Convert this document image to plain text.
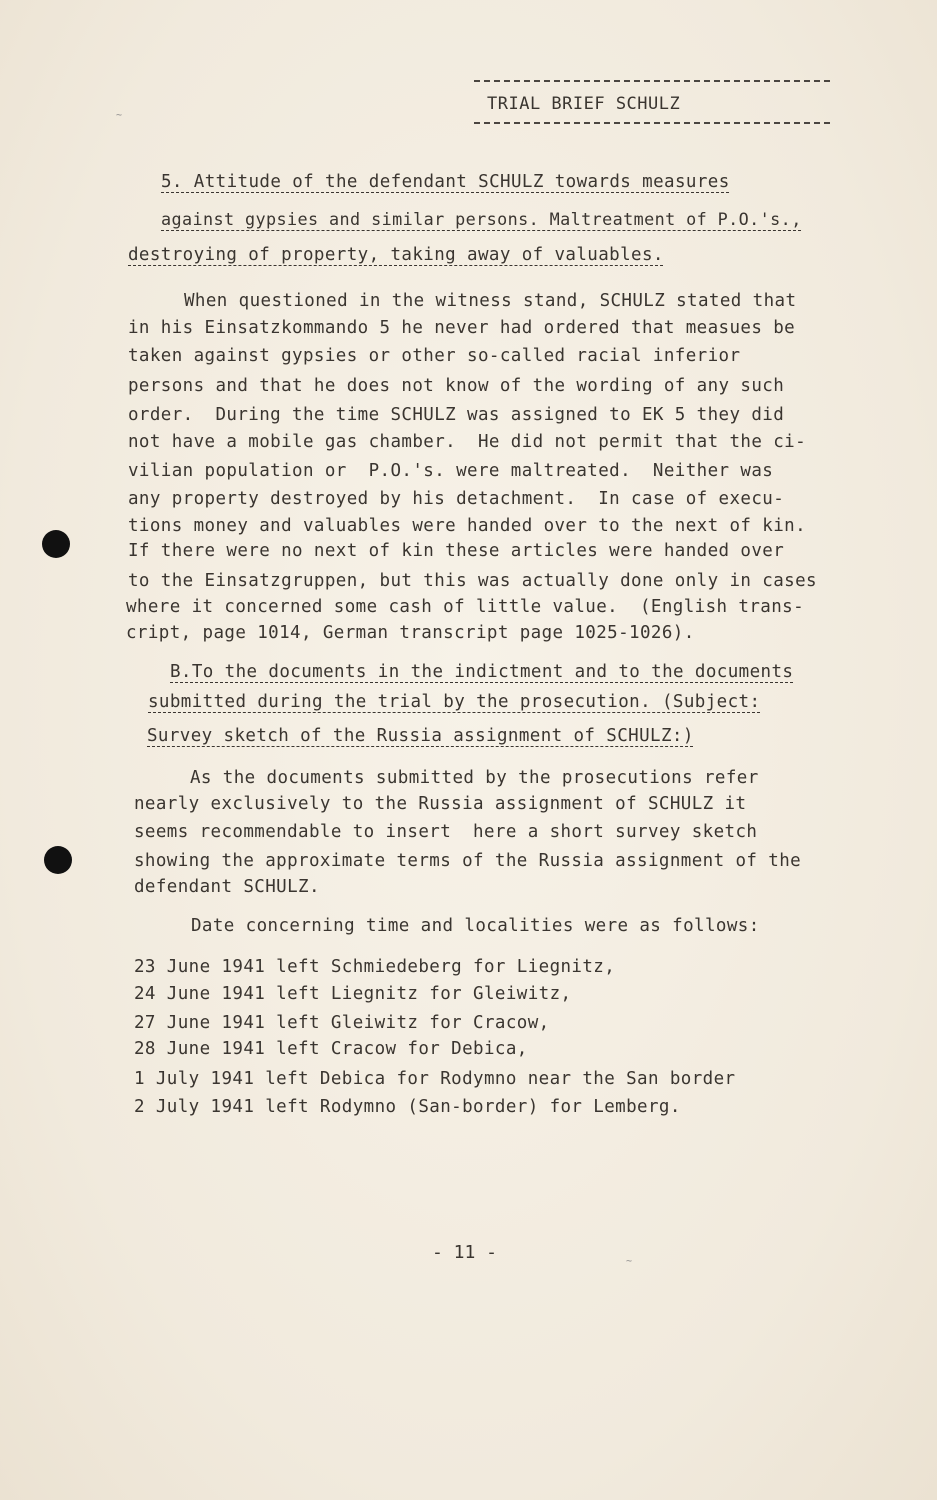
~
TRIAL BRIEF SCHULZ
5. Attitude of the defendant SCHULZ towards measures
against gypsies and similar persons. Maltreatment of P.O.'s.,
destroying of property, taking away of valuables.
When questioned in the witness stand, SCHULZ stated that
in his Einsatzkommando 5 he never had ordered that measues be
taken against gypsies or other so-called racial inferior
persons and that he does not know of the wording of any such
order.  During the time SCHULZ was assigned to EK 5 they did
not have a mobile gas chamber.  He did not permit that the ci-
vilian population or  P.O.'s. were maltreated.  Neither was
any property destroyed by his detachment.  In case of execu-
tions money and valuables were handed over to the next of kin.
If there were no next of kin these articles were handed over
to the Einsatzgruppen, but this was actually done only in cases
where it concerned some cash of little value.  (English trans-
cript, page 1014, German transcript page 1025-1026).
B.To the documents in the indictment and to the documents
submitted during the trial by the prosecution. (Subject:
Survey sketch of the Russia assignment of SCHULZ:)
As the documents submitted by the prosecutions refer
nearly exclusively to the Russia assignment of SCHULZ it
seems recommendable to insert  here a short survey sketch
showing the approximate terms of the Russia assignment of the
defendant SCHULZ.
Date concerning time and localities were as follows:
23 June 1941 left Schmiedeberg for Liegnitz,
24 June 1941 left Liegnitz for Gleiwitz,
27 June 1941 left Gleiwitz for Cracow,
28 June 1941 left Cracow for Debica,
1 July 1941 left Debica for Rodymno near the San border
2 July 1941 left Rodymno (San-border) for Lemberg.
- 11 -	~
